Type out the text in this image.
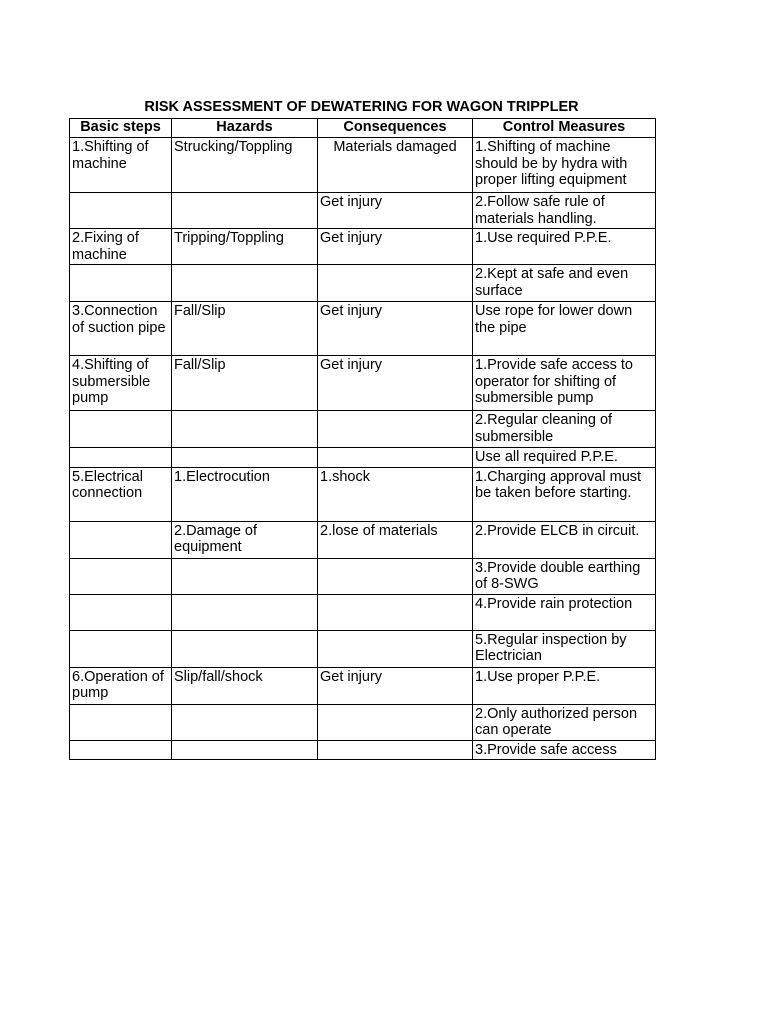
RISK ASSESSMENT OF DEWATERING FOR WAGON TRIPPLER
Basic steps	Hazards	Consequences	Control Measures
1.Shifting of machine	Strucking/Toppling	Materials damaged	1.Shifting of machine should be by hydra with proper lifting equipment
		Get injury	2.Follow safe rule of materials handling.
2.Fixing of machine	Tripping/Toppling	Get injury	1.Use required P.P.E.
			2.Kept at safe and even surface
3.Connection of suction pipe	Fall/Slip	Get injury	Use rope for lower down the pipe
4.Shifting of submersible pump	Fall/Slip	Get injury	1.Provide safe access to operator for shifting of submersible pump
			2.Regular cleaning of submersible
			Use all required P.P.E.
5.Electrical connection	1.Electrocution	1.shock	1.Charging approval must be taken before starting.
	2.Damage of equipment	2.lose of materials	2.Provide ELCB in circuit.
			3.Provide double earthing of 8-SWG
			4.Provide rain protection
			5.Regular inspection by Electrician
6.Operation of pump	Slip/fall/shock	Get injury	1.Use proper P.P.E.
			2.Only authorized person can operate
			3.Provide safe access
